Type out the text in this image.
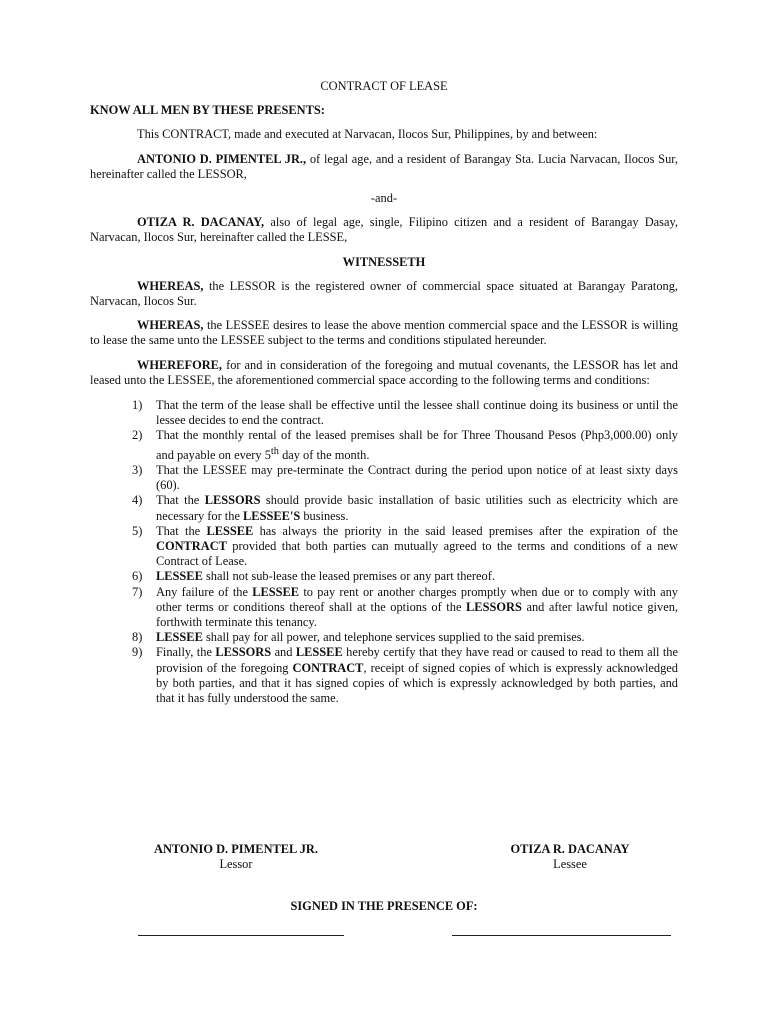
CONTRACT OF LEASE
KNOW ALL MEN BY THESE PRESENTS:
This CONTRACT, made and executed at Narvacan, Ilocos Sur, Philippines, by and between:
ANTONIO D. PIMENTEL JR., of legal age, and a resident of Barangay Sta. Lucia Narvacan, Ilocos Sur, hereinafter called the LESSOR,
-and-
OTIZA R. DACANAY, also of legal age, single, Filipino citizen and a resident of Barangay Dasay, Narvacan, Ilocos Sur, hereinafter called the LESSE,
WITNESSETH
WHEREAS, the LESSOR is the registered owner of commercial space situated at Barangay Paratong, Narvacan, Ilocos Sur.
WHEREAS, the LESSEE desires to lease the above mention commercial space and the LESSOR is willing to lease the same unto the LESSEE subject to the terms and conditions stipulated hereunder.
WHEREFORE, for and in consideration of the foregoing and mutual covenants, the LESSOR has let and leased unto the LESSEE, the aforementioned commercial space according to the following terms and conditions:
1) That the term of the lease shall be effective until the lessee shall continue doing its business or until the lessee decides to end the contract.
2) That the monthly rental of the leased premises shall be for Three Thousand Pesos (Php3,000.00) only and payable on every 5th day of the month.
3) That the LESSEE may pre-terminate the Contract during the period upon notice of at least sixty days (60).
4) That the LESSORS should provide basic installation of basic utilities such as electricity which are necessary for the LESSEE'S business.
5) That the LESSEE has always the priority in the said leased premises after the expiration of the CONTRACT provided that both parties can mutually agreed to the terms and conditions of a new Contract of Lease.
6) LESSEE shall not sub-lease the leased premises or any part thereof.
7) Any failure of the LESSEE to pay rent or another charges promptly when due or to comply with any other terms or conditions thereof shall at the options of the LESSORS and after lawful notice given, forthwith terminate this tenancy.
8) LESSEE shall pay for all power, and telephone services supplied to the said premises.
9) Finally, the LESSORS and LESSEE hereby certify that they have read or caused to read to them all the provision of the foregoing CONTRACT, receipt of signed copies of which is expressly acknowledged by both parties, and that it has signed copies of which is expressly acknowledged by both parties, and that it has fully understood the same.
ANTONIO D. PIMENTEL JR.
Lessor
OTIZA R. DACANAY
Lessee
SIGNED IN THE PRESENCE OF:
